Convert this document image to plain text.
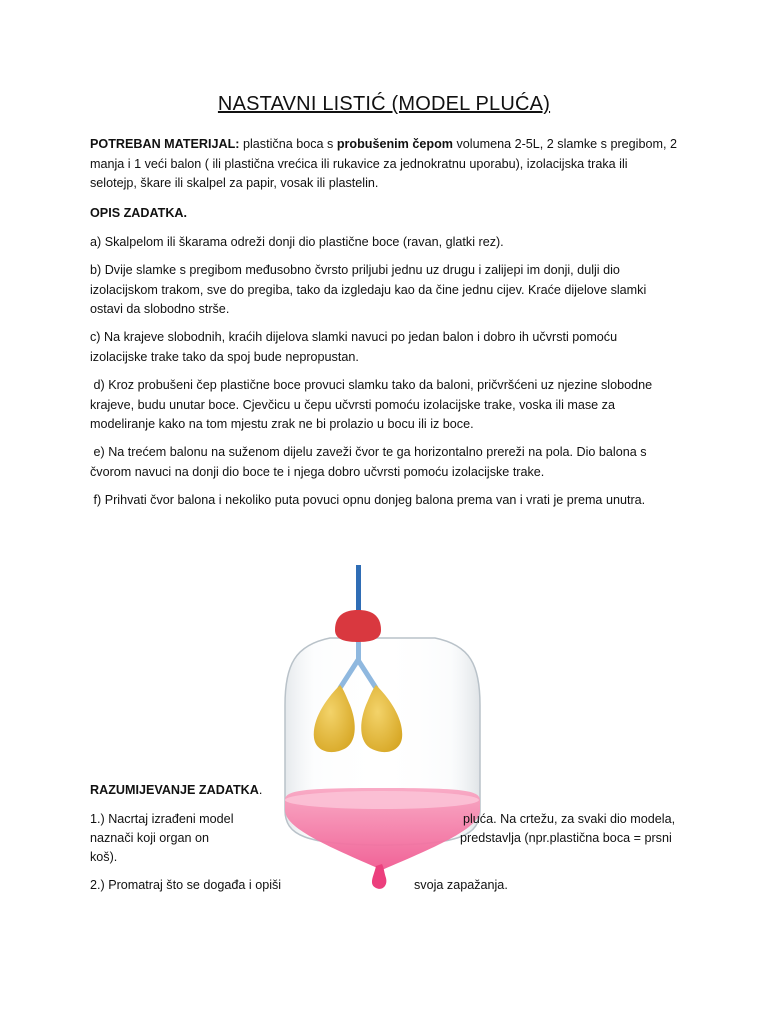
NASTAVNI LISTIĆ (MODEL PLUĆA)

POTREBAN MATERIJAL: plastična boca s probušenim čepom volumena 2-5L, 2 slamke s pregibom, 2
manja i 1 veći balon ( ili plastična vrećica ili rukavice za jednokratnu uporabu), izolacijska traka ili
selotejp, škare ili skalpel za papir, vosak ili plastelin.

OPIS ZADATKA.

a) Skalpelom ili škarama odreži donji dio plastične boce (ravan, glatki rez).

b) Dvije slamke s pregibom međusobno čvrsto priljubi jednu uz drugu i zalijepi im donji, dulji dio
izolacijskom trakom, sve do pregiba, tako da izgledaju kao da čine jednu cijev. Kraće dijelove slamki
ostavi da slobodno strše.

c) Na krajeve slobodnih, kraćih dijelova slamki navuci po jedan balon i dobro ih učvrsti pomoću
izolacijske trake tako da spoj bude nepropustan.

d) Kroz probušeni čep plastične boce provuci slamku tako da baloni, pričvršćeni uz njezine slobodne
krajeve, budu unutar boce. Cjevčicu u čepu učvrsti pomoću izolacijske trake, voska ili mase za
modeliranje kako na tom mjestu zrak ne bi prolazio u bocu ili iz boce.

e) Na trećem balonu na suženom dijelu zaveži čvor te ga horizontalno prereži na pola. Dio balona s
čvorom navuci na donji dio boce te i njega dobro učvrsti pomoću izolacijske trake.

f) Prihvati čvor balona i nekoliko puta povuci opnu donjeg balona prema van i vrati je prema unutra.

RAZUMIJEVANJE ZADATKA.

1.) Nacrtaj izrađeni model	pluća. Na crtežu, za svaki dio modela,

naznači koji organ on	predstavlja (npr.plastična boca = prsni

koš).

2.) Promatraj što se događa i opiši	svoja zapažanja.
